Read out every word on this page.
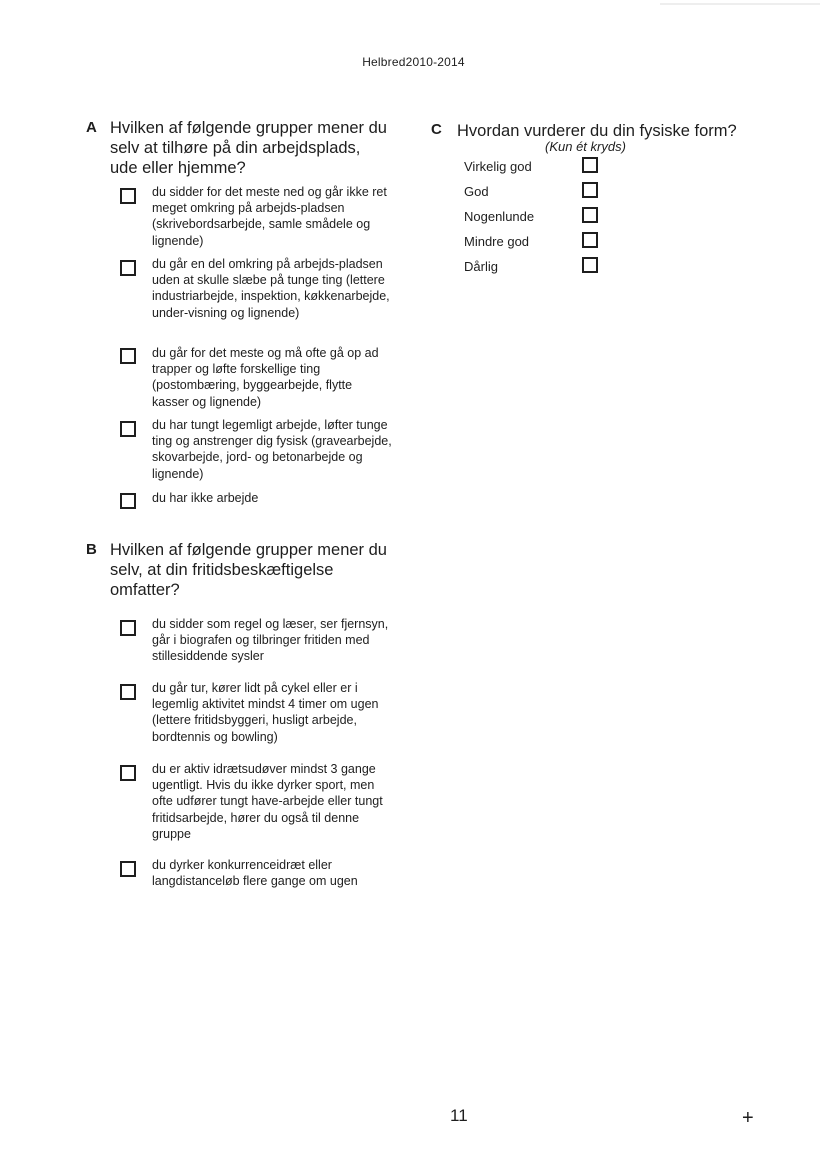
Helbred2010-2014
A Hvilken af følgende grupper mener du selv at tilhøre på din arbejdsplads, ude eller hjemme?
du sidder for det meste ned og går ikke ret meget omkring på arbejds-pladsen (skrivebordsarbejde, samle smådele og lignende)
du går en del omkring på arbejds-pladsen uden at skulle slæbe på tunge ting (lettere industriarbejde, inspektion, køkkenarbejde, under-visning og lignende)
du går for det meste og må ofte gå op ad trapper og løfte forskellige ting (postombæring, byggearbejde, flytte kasser og lignende)
du har tungt legemligt arbejde, løfter tunge ting og anstrenger dig fysisk (gravearbejde, skovarbejde, jord- og betonarbejde og lignende)
du har ikke arbejde
B Hvilken af følgende grupper mener du selv, at din fritidsbeskæftigelse omfatter?
du sidder som regel og læser, ser fjernsyn, går i biografen og tilbringer fritiden med stillesiddende sysler
du går tur, kører lidt på cykel eller er i legemlig aktivitet mindst 4 timer om ugen (lettere fritidsbyggeri, husligt arbejde, bordtennis og bowling)
du er aktiv idrætsudøver mindst 3 gange ugentligt. Hvis du ikke dyrker sport, men ofte udfører tungt have-arbejde eller tungt fritidsarbejde, hører du også til denne gruppe
du dyrker konkurrenceidræt eller langdistanceløb flere gange om ugen
C Hvordan vurderer du din fysiske form?
(Kun ét kryds)
Virkelig god
God
Nogenlunde
Mindre god
Dårlig
11	+
